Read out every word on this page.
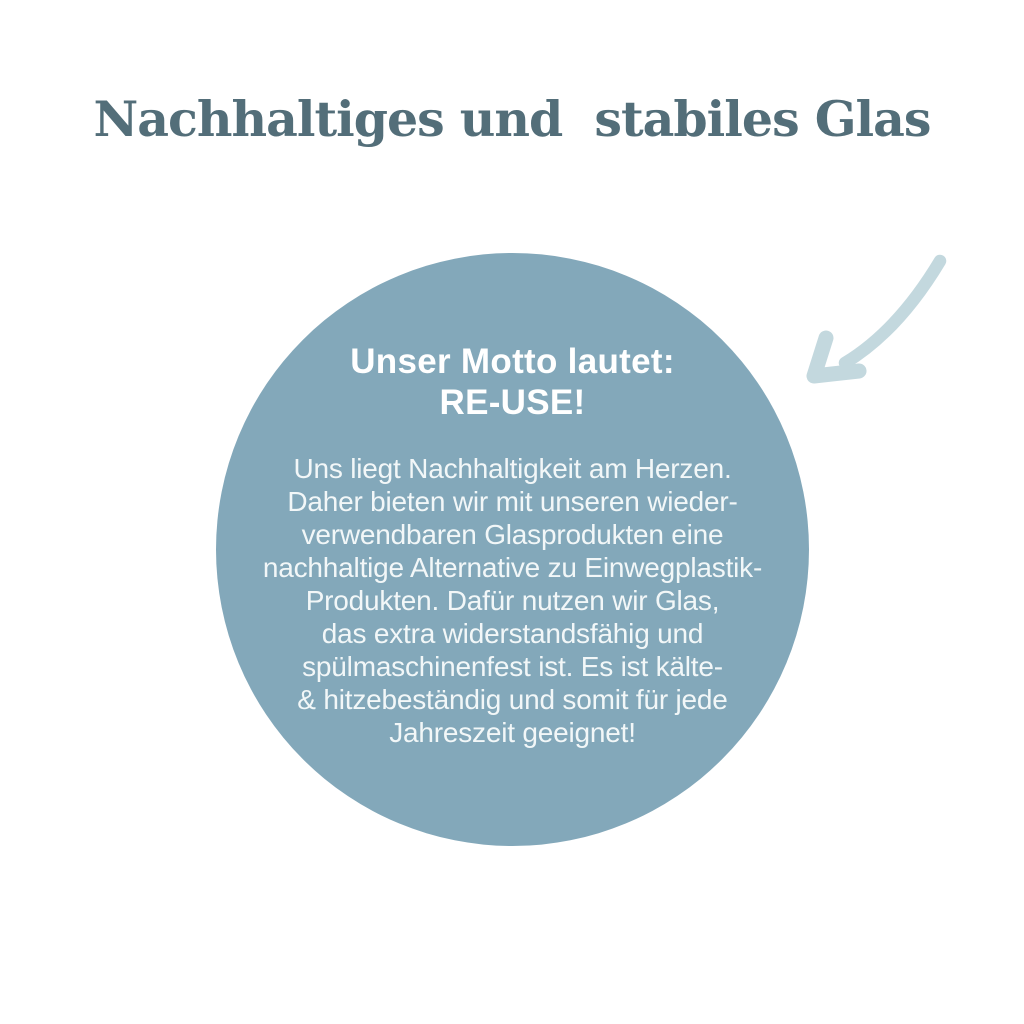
Nachhaltiges und  stabiles Glas
Unser Motto lautet:
RE-USE!
Uns liegt Nachhaltigkeit am Herzen.
Daher bieten wir mit unseren wieder-
verwendbaren Glasprodukten eine
nachhaltige Alternative zu Einwegplastik-
Produkten. Dafür nutzen wir Glas,
das extra widerstandsfähig und
spülmaschinenfest ist. Es ist kälte-
& hitzebeständig und somit für jede
Jahreszeit geeignet!
